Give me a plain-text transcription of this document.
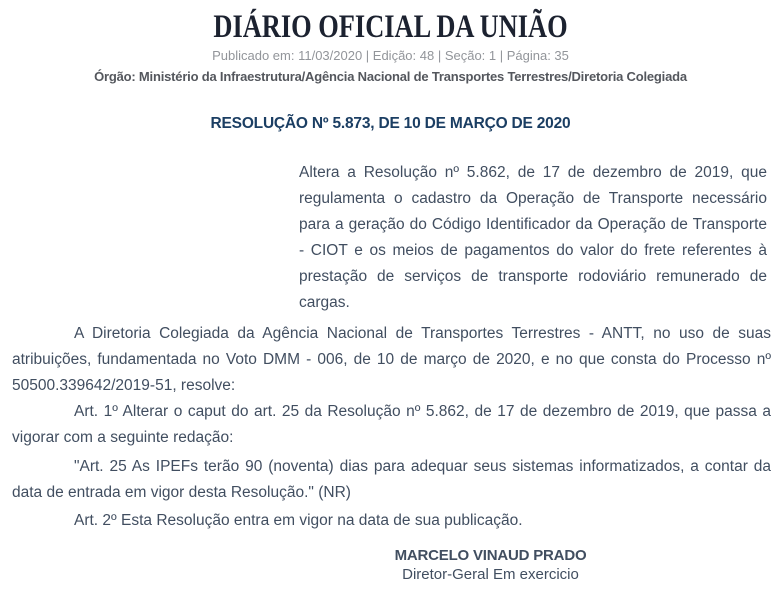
DIÁRIO OFICIAL DA UNIÃO
Publicado em: 11/03/2020 | Edição: 48 | Seção: 1 | Página: 35
Órgão: Ministério da Infraestrutura/Agência Nacional de Transportes Terrestres/Diretoria Colegiada
RESOLUÇÃO Nº 5.873, DE 10 DE MARÇO DE 2020
Altera a Resolução nº 5.862, de 17 de dezembro de 2019, que regulamenta o cadastro da Operação de Transporte necessário para a geração do Código Identificador da Operação de Transporte - CIOT e os meios de pagamentos do valor do frete referentes à prestação de serviços de transporte rodoviário remunerado de cargas.
A Diretoria Colegiada da Agência Nacional de Transportes Terrestres - ANTT, no uso de suas atribuições, fundamentada no Voto DMM - 006, de 10 de março de 2020, e no que consta do Processo nº 50500.339642/2019-51, resolve:
Art. 1º Alterar o caput do art. 25 da Resolução nº 5.862, de 17 de dezembro de 2019, que passa a vigorar com a seguinte redação:
"Art. 25 As IPEFs terão 90 (noventa) dias para adequar seus sistemas informatizados, a contar da data de entrada em vigor desta Resolução." (NR)
Art. 2º Esta Resolução entra em vigor na data de sua publicação.
MARCELO VINAUD PRADO
Diretor-Geral Em exercicio
